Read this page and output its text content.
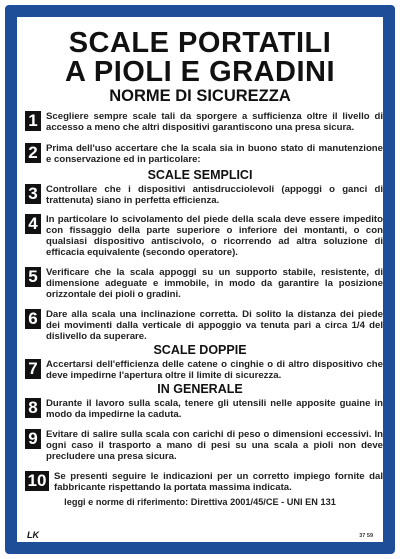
SCALE PORTATILI
A PIOLI E GRADINI
NORME DI SICUREZZA
1 Scegliere sempre scale tali da sporgere a sufficienza oltre il livello di accesso a meno che altri dispositivi garantiscono una presa sicura.
2 Prima dell'uso accertare che la scala sia in buono stato di manutenzione e conservazione ed in particolare:
SCALE SEMPLICI
3 Controllare che i dispositivi antisdrucciolevoli (appoggi o ganci di trattenuta) siano in perfetta efficienza.
4 In particolare lo scivolamento del piede della scala deve essere impedito con fissaggio della parte superiore o inferiore dei montanti, o con qualsiasi dispositivo antiscivolo, o ricorrendo ad altra soluzione di efficacia equivalente (secondo operatore).
5 Verificare che la scala appoggi su un supporto stabile, resistente, di dimensione adeguate e immobile, in modo da garantire la posizione orizzontale dei pioli o gradini.
6 Dare alla scala una inclinazione corretta. Di solito la distanza dei piede dei movimenti dalla verticale di appoggio va tenuta pari a circa 1/4 del dislivello da superare.
SCALE DOPPIE
7 Accertarsi dell'efficienza delle catene o cinghie o di altro dispositivo che deve impedirne l'apertura oltre il limite di sicurezza.
IN GENERALE
8 Durante il lavoro sulla scala, tenere gli utensili nelle apposite guaine in modo da impedirne la caduta.
9 Evitare di salire sulla scala con carichi di peso o dimensioni eccessivi. In ogni caso il trasporto a mano di pesi su una scala a pioli non deve precludere una presa sicura.
10 Se presenti seguire le indicazioni per un corretto impiego fornite dal fabbricante rispettando la portata massima indicata.
leggi e norme di riferimento: Direttiva 2001/45/CE - UNI EN 131
LK	37 59
